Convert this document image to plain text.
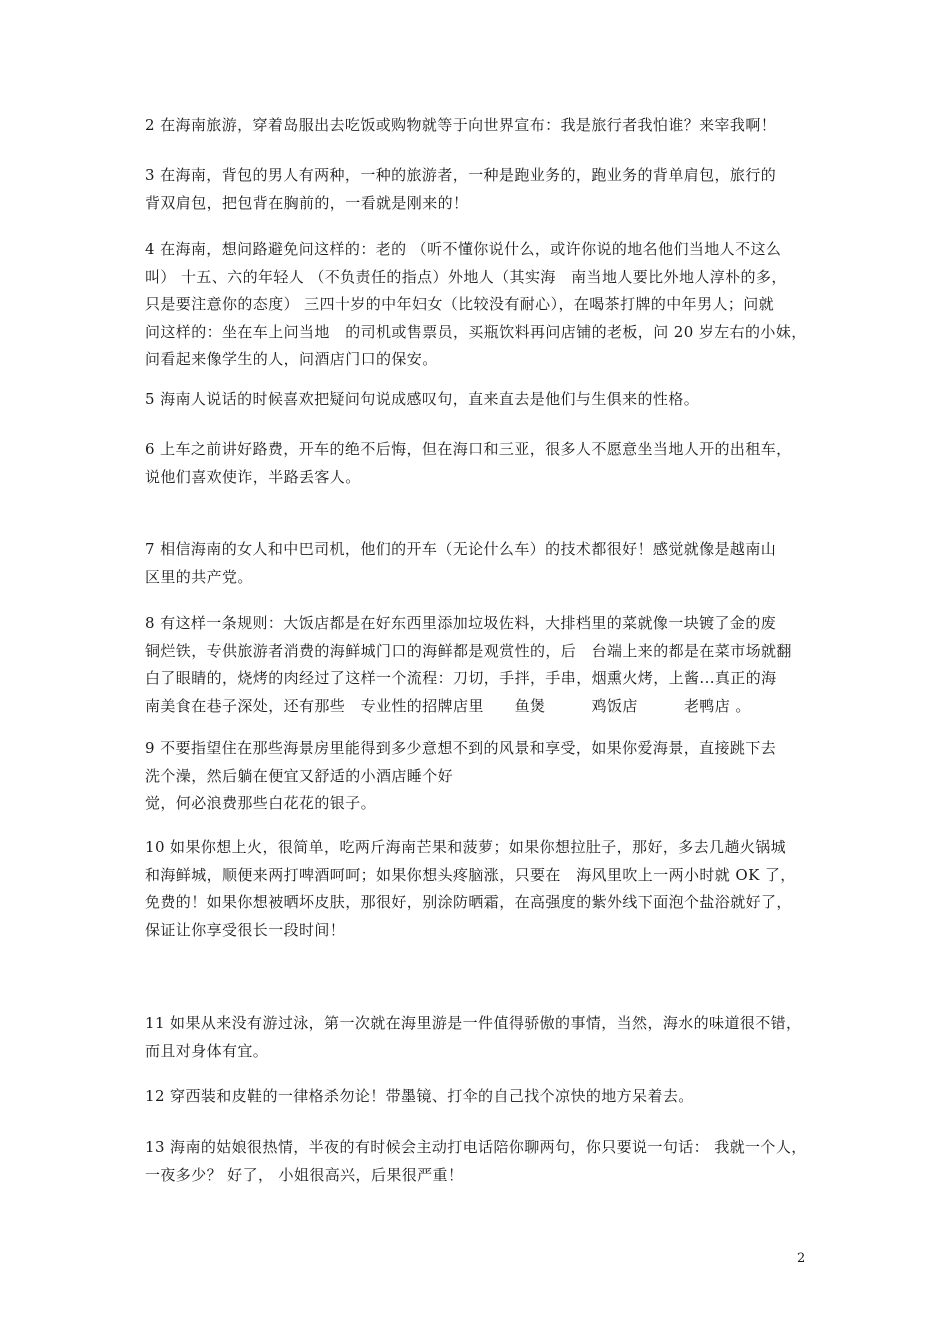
2 在海南旅游，穿着岛服出去吃饭或购物就等于向世界宣布：我是旅行者我怕谁？来宰我啊！

3 在海南，背包的男人有两种，一种的旅游者，一种是跑业务的，跑业务的背单肩包，旅行的
背双肩包，把包背在胸前的，一看就是刚来的！

4 在海南，想问路避免问这样的：老的 （听不懂你说什么，或许你说的地名他们当地人不这么
叫） 十五、六的年轻人 （不负责任的指点）外地人（其实海　南当地人要比外地人淳朴的多，
只是要注意你的态度） 三四十岁的中年妇女（比较没有耐心），在喝茶打牌的中年男人；问就
问这样的：坐在车上问当地　的司机或售票员，买瓶饮料再问店铺的老板，问 20 岁左右的小妹，
问看起来像学生的人，问酒店门口的保安。

5 海南人说话的时候喜欢把疑问句说成感叹句，直来直去是他们与生俱来的性格。

6 上车之前讲好路费，开车的绝不后悔，但在海口和三亚，很多人不愿意坐当地人开的出租车，
说他们喜欢使诈，半路丢客人。

7 相信海南的女人和中巴司机，他们的开车（无论什么车）的技术都很好！感觉就像是越南山
区里的共产党。

8 有这样一条规则：大饭店都是在好东西里添加垃圾佐料，大排档里的菜就像一块镀了金的废
铜烂铁，专供旅游者消费的海鲜城门口的海鲜都是观赏性的，后　台端上来的都是在菜市场就翻
白了眼睛的，烧烤的肉经过了这样一个流程：刀切，手拌，手串，烟熏火烤，上酱...真正的海
南美食在巷子深处，还有那些　专业性的招牌店里　　鱼煲　　　鸡饭店　　　老鸭店 。

9 不要指望住在那些海景房里能得到多少意想不到的风景和享受，如果你爱海景，直接跳下去
洗个澡，然后躺在便宜又舒适的小酒店睡个好
觉，何必浪费那些白花花的银子。

10 如果你想上火，很简单，吃两斤海南芒果和菠萝；如果你想拉肚子，那好，多去几趟火锅城
和海鲜城，顺便来两打啤酒呵呵；如果你想头疼脑涨，只要在　海风里吹上一两小时就 OK 了，
免费的！如果你想被晒坏皮肤，那很好，别涂防晒霜，在高强度的紫外线下面泡个盐浴就好了，
保证让你享受很长一段时间！

11 如果从来没有游过泳，第一次就在海里游是一件值得骄傲的事情，当然，海水的味道很不错，
而且对身体有宜。

12 穿西装和皮鞋的一律格杀勿论！带墨镜、打伞的自己找个凉快的地方呆着去。

13 海南的姑娘很热情，半夜的有时候会主动打电话陪你聊两句，你只要说一句话： 我就一个人，
一夜多少？ 好了， 小姐很高兴，后果很严重！

2
